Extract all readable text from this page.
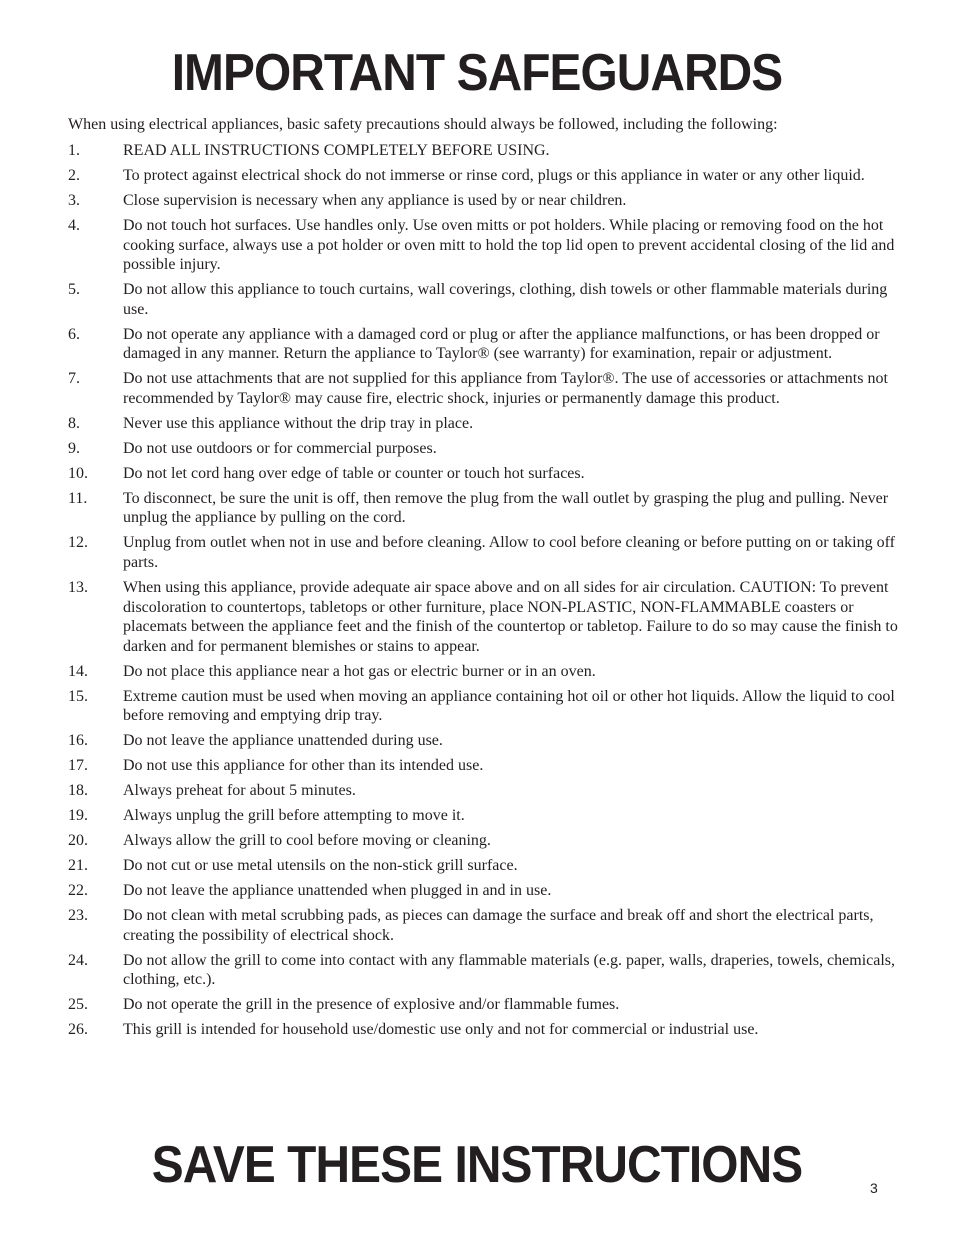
IMPORTANT SAFEGUARDS

When using electrical appliances, basic safety precautions should always be followed, including the following:

1.	READ ALL INSTRUCTIONS COMPLETELY BEFORE USING.
2.	To protect against electrical shock do not immerse or rinse cord, plugs or this appliance in water or any other liquid.
3.	Close supervision is necessary when any appliance is used by or near children.
4.	Do not touch hot surfaces. Use handles only. Use oven mitts or pot holders. While placing or removing food on the hot cooking surface, always use a pot holder or oven mitt to hold the top lid open to prevent accidental closing of the lid and possible injury.
5.	Do not allow this appliance to touch curtains, wall coverings, clothing, dish towels or other flammable materials during use.
6.	Do not operate any appliance with a damaged cord or plug or after the appliance malfunctions, or has been dropped or damaged in any manner. Return the appliance to Taylor® (see warranty) for examination, repair or adjustment.
7.	Do not use attachments that are not supplied for this appliance from Taylor®. The use of accessories or attachments not recommended by Taylor® may cause fire, electric shock, injuries or permanently damage this product.
8.	Never use this appliance without the drip tray in place.
9.	Do not use outdoors or for commercial purposes.
10.	Do not let cord hang over edge of table or counter or touch hot surfaces.
11.	To disconnect, be sure the unit is off, then remove the plug from the wall outlet by grasping the plug and pulling. Never unplug the appliance by pulling on the cord.
12.	Unplug from outlet when not in use and before cleaning. Allow to cool before cleaning or before putting on or taking off parts.
13.	When using this appliance, provide adequate air space above and on all sides for air circulation. CAUTION: To prevent discoloration to countertops, tabletops or other furniture, place NON-PLASTIC, NON-FLAMMABLE coasters or placemats between the appliance feet and the finish of the countertop or tabletop. Failure to do so may cause the finish to darken and for permanent blemishes or stains to appear.
14.	Do not place this appliance near a hot gas or electric burner or in an oven.
15.	Extreme caution must be used when moving an appliance containing hot oil or other hot liquids. Allow the liquid to cool before removing and emptying drip tray.
16.	Do not leave the appliance unattended during use.
17.	Do not use this appliance for other than its intended use.
18.	Always preheat for about 5 minutes.
19.	Always unplug the grill before attempting to move it.
20.	Always allow the grill to cool before moving or cleaning.
21.	Do not cut or use metal utensils on the non-stick grill surface.
22.	Do not leave the appliance unattended when plugged in and in use.
23.	Do not clean with metal scrubbing pads, as pieces can damage the surface and break off and short the electrical parts, creating the possibility of electrical shock.
24.	Do not allow the grill to come into contact with any flammable materials (e.g. paper, walls, draperies, towels, chemicals, clothing, etc.).
25.	Do not operate the grill in the presence of explosive and/or flammable fumes.
26.	This grill is intended for household use/domestic use only and not for commercial or industrial use.
SAVE THESE INSTRUCTIONS	3
